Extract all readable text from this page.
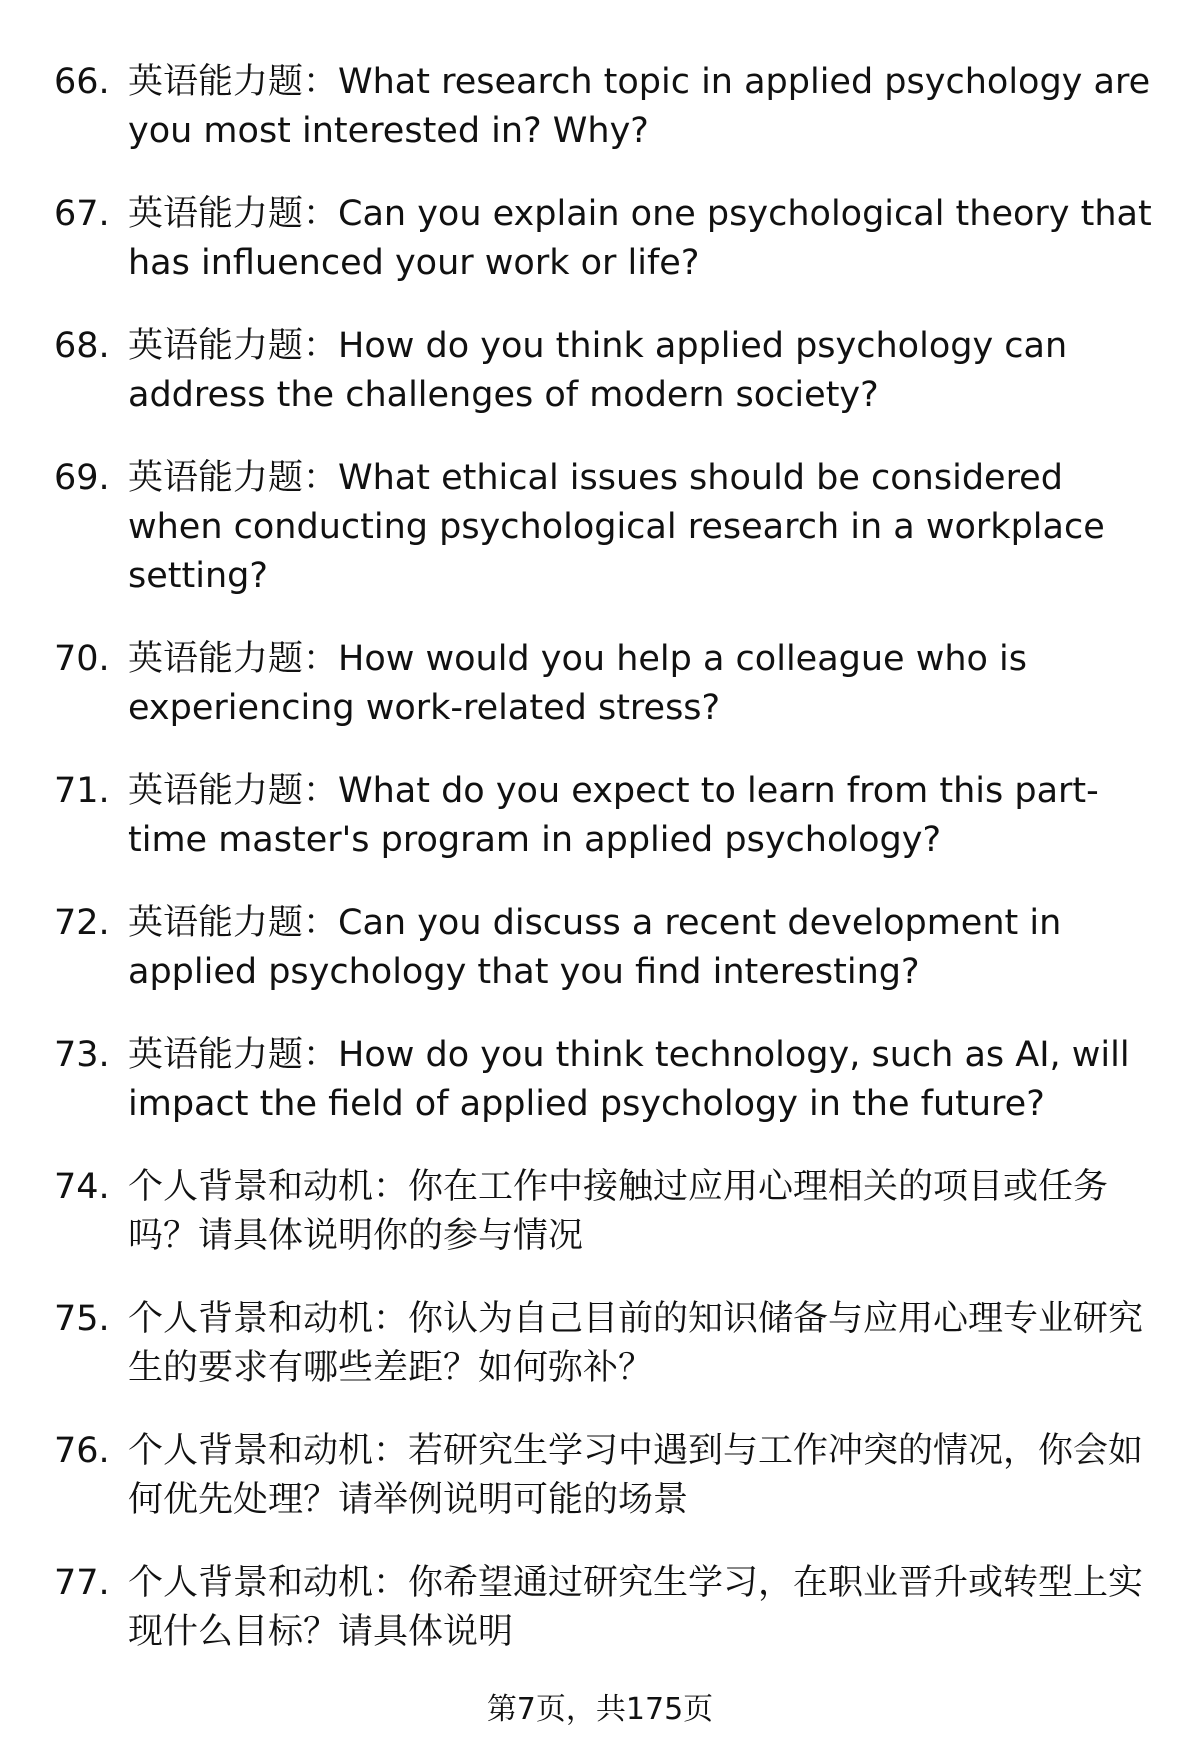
66. 英语能力题：What research topic in applied psychology are you most interested in? Why?
67. 英语能力题：Can you explain one psychological theory that has influenced your work or life?
68. 英语能力题：How do you think applied psychology can address the challenges of modern society?
69. 英语能力题：What ethical issues should be considered when conducting psychological research in a workplace setting?
70. 英语能力题：How would you help a colleague who is experiencing work-related stress?
71. 英语能力题：What do you expect to learn from this part-time master's program in applied psychology?
72. 英语能力题：Can you discuss a recent development in applied psychology that you find interesting?
73. 英语能力题：How do you think technology, such as AI, will impact the field of applied psychology in the future?
74. 个人背景和动机：你在工作中接触过应用心理相关的项目或任务吗？请具体说明你的参与情况
75. 个人背景和动机：你认为自己目前的知识储备与应用心理专业研究生的要求有哪些差距？如何弥补？
76. 个人背景和动机：若研究生学习中遇到与工作冲突的情况，你会如何优先处理？请举例说明可能的场景
77. 个人背景和动机：你希望通过研究生学习，在职业晋升或转型上实现什么目标？请具体说明
第7页，共175页
